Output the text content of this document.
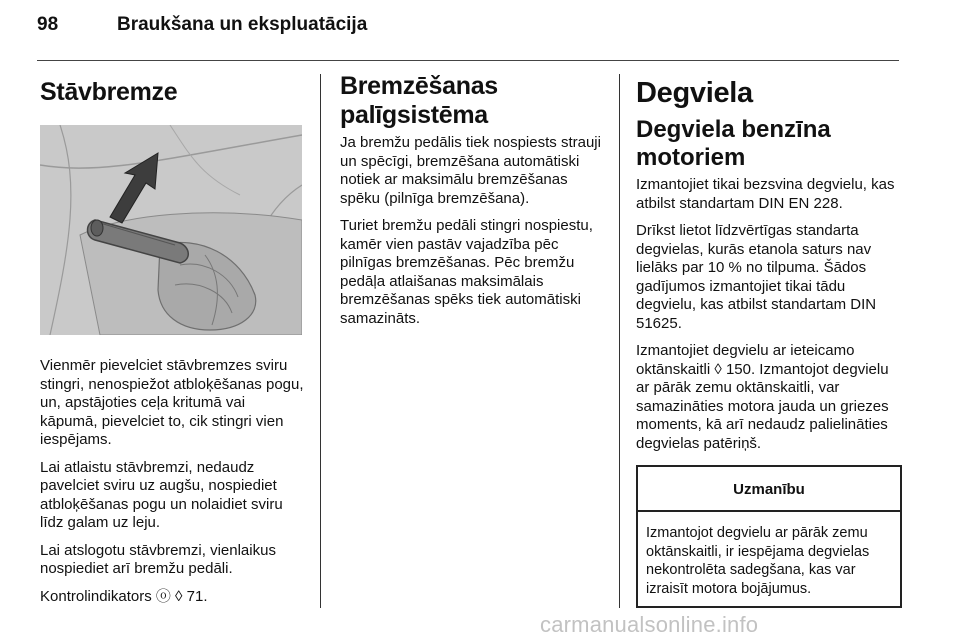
98	Braukšana un ekspluatācija
Stāvbremze

Vienmēr pievelciet stāvbremzes sviru stingri, nenospiežot atbloķēšanas pogu, un, apstājoties ceļa kritumā vai kāpumā, pievelciet to, cik stingri vien iespējams.

Lai atlaistu stāvbremzi, nedaudz pavelciet sviru uz augšu, nospiediet atbloķēšanas pogu un nolaidiet sviru līdz galam uz leju.

Lai atslogotu stāvbremzi, vienlaikus nospiediet arī bremžu pedāli.

Kontrolindikators ⓞ ◊ 71.

Bremzēšanas palīgsistēma

Ja bremžu pedālis tiek nospiests strauji un spēcīgi, bremzēšana automātiski notiek ar maksimālu bremzēšanas spēku (pilnīga bremzēšana).

Turiet bremžu pedāli stingri nospiestu, kamēr vien pastāv vajadzība pēc pilnīgas bremzēšanas. Pēc bremžu pedāļa atlaišanas maksimālais bremzēšanas spēks tiek automātiski samazināts.

Degviela
Degviela benzīna motoriem

Izmantojiet tikai bezsvina degvielu, kas atbilst standartam DIN EN 228.

Drīkst lietot līdzvērtīgas standarta degvielas, kurās etanola saturs nav lielāks par 10 % no tilpuma. Šādos gadījumos izmantojiet tikai tādu degvielu, kas atbilst standartam DIN 51625.

Izmantojiet degvielu ar ieteicamo oktānskaitli ◊ 150. Izmantojot degvielu ar pārāk zemu oktānskaitli, var samazināties motora jauda un griezes moments, kā arī nedaudz palielināties degvielas patēriņš.

Uzmanību

Izmantojot degvielu ar pārāk zemu oktānskaitli, ir iespējama degvielas nekontrolēta sadegšana, kas var izraisīt motora bojājumus.

carmanualsonline.info
